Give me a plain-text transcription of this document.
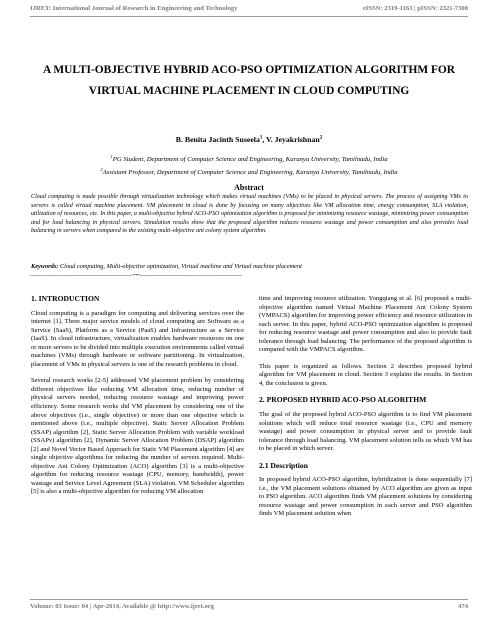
IJRET: International Journal of Research in Engineering and Technology	eISSN: 2319-1163 | pISSN: 2321-7308
A MULTI-OBJECTIVE HYBRID ACO-PSO OPTIMIZATION ALGORITHM FOR VIRTUAL MACHINE PLACEMENT IN CLOUD COMPUTING
B. Benita Jacinth Suseela$^1$, V. Jeyakrishnan$^2$
$^1$PG Student, Department of Computer Science and Engineering, Karunya University, Tamilnadu, India
$^2$Assistant Professor, Department of Computer Science and Engineering, Karunya University, Tamilnadu, India
Abstract
Cloud computing is made possible through virtualization technology which makes virtual machines (VMs) to be placed in physical servers. The process of assigning VMs to servers is called virtual machine placement. VM placement in cloud is done by focusing on many objectives like VM allocation time, energy consumption, SLA violation, utilization of resources, etc. In this paper, a multi-objective hybrid ACO-PSO optimization algorithm is proposed for minimizing resource wastage, minimizing power consumption and for load balancing in physical servers. Simulation results show that the proposed algorithm reduces resource wastage and power consumption and also provides load balancing in servers when compared to the existing multi-objective ant colony system algorithm.
Keywords: Cloud computing, Multi-objective optimization, Virtual machine and Virtual machine placement
----------------------------------------------------------------------***----------------------------------------------------------------------
1. INTRODUCTION

Cloud computing is a paradigm for computing and delivering services over the internet [1]. Three major service models of cloud computing are Software as a Service (SaaS), Platform as a Service (PaaS) and Infrastructure as a Service (IaaS). In cloud infrastructure, virtualization enables hardware resources on one or more servers to be divided into multiple execution environments called virtual machines (VMs) through hardware or software partitioning. In virtualization, placement of VMs in physical servers is one of the research problems in cloud.

Several research works [2-5] addressed VM placement problem by considering different objectives like reducing VM allocation time, reducing number of physical servers needed, reducing resource wastage and improving power efficiency. Some research works did VM placement by considering one of the above objectives (i.e., single objective) or more than one objective which is mentioned above (i.e., multiple objective). Static Server Allocation Problem (SSAP) algorithm [2], Static Server Allocation Problem with variable workload (SSAPv) algorithm [2], Dynamic Server Allocation Problem (DSAP) algorithm [2] and Novel Vector Based Approach for Static VM Placement algorithm [4] are single objective algorithms for reducing the number of servers required. Multi-objective Ant Colony Optimization (ACO) algorithm [3] is a multi-objective algorithm for reducing resource wastage (CPU, memory, bandwidth), power wastage and Service Level Agreement (SLA) violation. VM Scheduler algorithm [5] is also a multi-objective algorithm for reducing VM allocation

time and improving resource utilization. Yongqiang et al. [6] proposed a multi-objective algorithm named Virtual Machine Placement Ant Colony System (VMPACS) algorithm for improving power efficiency and resource utilization in each server. In this paper, hybrid ACO-PSO optimization algorithm is proposed for reducing resource wastage and power consumption and also to provide fault tolerance through load balancing. The performance of the proposed algorithm is compared with the VMPACS algorithm.

This paper is organized as follows. Section 2 describes proposed hybrid algorithm for VM placement in cloud. Section 3 explains the results. In Section 4, the conclusion is given.

2. PROPOSED HYBRID ACO-PSO ALGORITHM

The goal of the proposed hybrid ACO-PSO algorithm is to find VM placement solutions which will reduce total resource wastage (i.e., CPU and memory wastage) and power consumption in physical server and to provide fault tolerance through load balancing. VM placement solution tells us which VM has to be placed in which server.

2.1 Description

In proposed hybrid ACO-PSO algorithm, hybridization is done sequentially [7] i.e., the VM placement solutions obtained by ACO algorithm are given as input to PSO algorithm. ACO algorithm finds VM placement solutions by considering resource wastage and power consumption in each server and PSO algorithm finds VM placement solution when

Volume: 03 Issue: 04 | Apr-2014, Available @ http://www.ijret.org	474
